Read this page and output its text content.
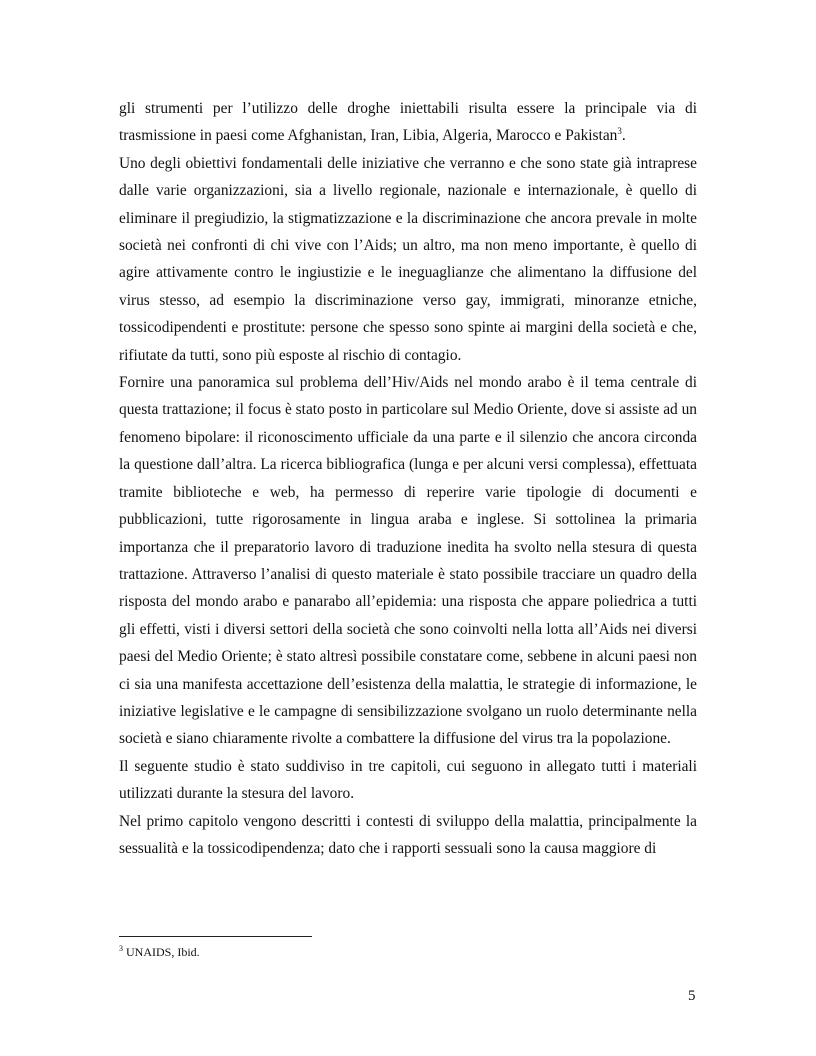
gli strumenti per l’utilizzo delle droghe iniettabili risulta essere la principale via di trasmissione in paesi come Afghanistan, Iran, Libia, Algeria, Marocco e Pakistan$^3$.

Uno degli obiettivi fondamentali delle iniziative che verranno e che sono state già intraprese dalle varie organizzazioni, sia a livello regionale, nazionale e internazionale, è quello di eliminare il pregiudizio, la stigmatizzazione e la discriminazione che ancora prevale in molte società nei confronti di chi vive con l’Aids; un altro, ma non meno importante, è quello di agire attivamente contro le ingiustizie e le ineguaglianze che alimentano la diffusione del virus stesso, ad esempio la discriminazione verso gay, immigrati, minoranze etniche, tossicodipendenti e prostitute: persone che spesso sono spinte ai margini della società e che, rifiutate da tutti, sono più esposte al rischio di contagio.

Fornire una panoramica sul problema dell’Hiv/Aids nel mondo arabo è il tema centrale di questa trattazione; il focus è stato posto in particolare sul Medio Oriente, dove si assiste ad un fenomeno bipolare: il riconoscimento ufficiale da una parte e il silenzio che ancora circonda la questione dall’altra. La ricerca bibliografica (lunga e per alcuni versi complessa), effettuata tramite biblioteche e web, ha permesso di reperire varie tipologie di documenti e pubblicazioni, tutte rigorosamente in lingua araba e inglese. Si sottolinea la primaria importanza che il preparatorio lavoro di traduzione inedita ha svolto nella stesura di questa trattazione. Attraverso l’analisi di questo materiale è stato possibile tracciare un quadro della risposta del mondo arabo e panarabo all’epidemia: una risposta che appare poliedrica a tutti gli effetti, visti i diversi settori della società che sono coinvolti nella lotta all’Aids nei diversi paesi del Medio Oriente; è stato altresì possibile constatare come, sebbene in alcuni paesi non ci sia una manifesta accettazione dell’esistenza della malattia, le strategie di informazione, le iniziative legislative e le campagne di sensibilizzazione svolgano un ruolo determinante nella società e siano chiaramente rivolte a combattere la diffusione del virus tra la popolazione.

Il seguente studio è stato suddiviso in tre capitoli, cui seguono in allegato tutti i materiali utilizzati durante la stesura del lavoro.

Nel primo capitolo vengono descritti i contesti di sviluppo della malattia, principalmente la sessualità e la tossicodipendenza; dato che i rapporti sessuali sono la causa maggiore di

$^3$ UNAIDS, Ibid.
5
